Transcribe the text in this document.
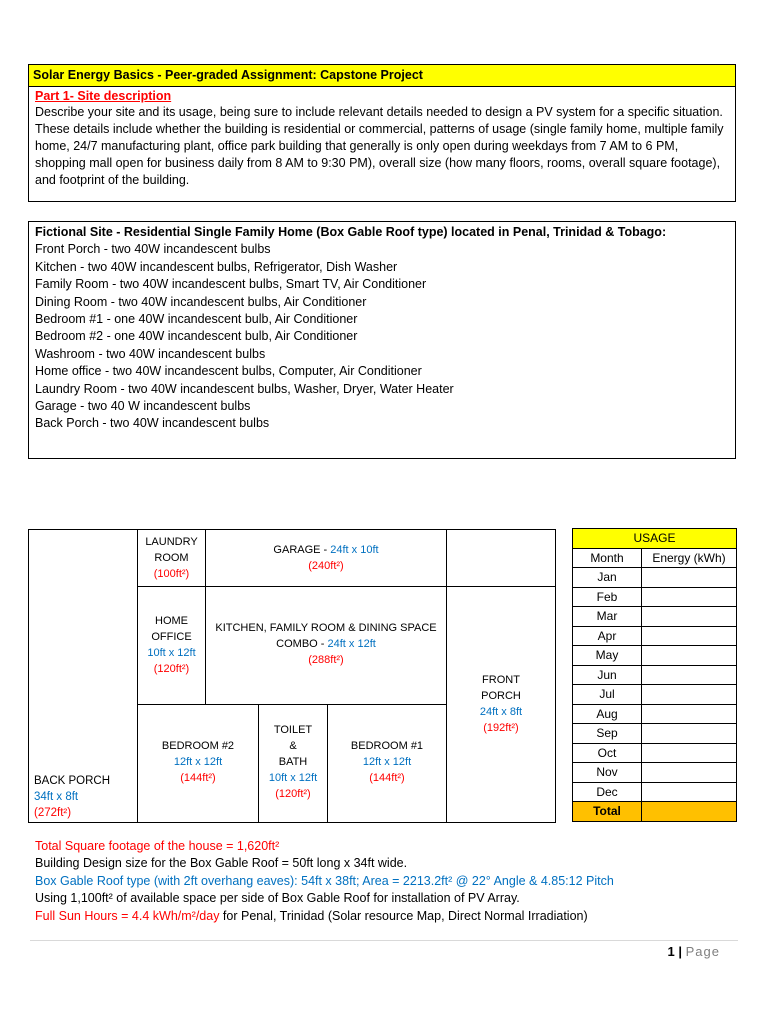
Solar Energy Basics - Peer-graded Assignment: Capstone Project
Part 1- Site description
Describe your site and its usage, being sure to include relevant details needed to design a PV system for a specific situation. These details include whether the building is residential or commercial, patterns of usage (single family home, multiple family home, 24/7 manufacturing plant, office park building that generally is only open during weekdays from 7 AM to 6 PM, shopping mall open for business daily from 8 AM to 9:30 PM), overall size (how many floors, rooms, overall square footage), and footprint of the building.
Fictional Site - Residential Single Family Home (Box Gable Roof type) located in Penal, Trinidad & Tobago:
Front Porch - two 40W incandescent bulbs
Kitchen - two 40W incandescent bulbs, Refrigerator, Dish Washer
Family Room - two 40W incandescent bulbs, Smart TV, Air Conditioner
Dining Room - two 40W incandescent bulbs, Air Conditioner
Bedroom #1 - one 40W incandescent bulb, Air Conditioner
Bedroom #2 - one 40W incandescent bulb, Air Conditioner
Washroom - two 40W incandescent bulbs
Home office - two 40W incandescent bulbs, Computer, Air Conditioner
Laundry Room - two 40W incandescent bulbs, Washer, Dryer, Water Heater
Garage - two 40 W incandescent bulbs
Back Porch - two 40W incandescent bulbs
LAUNDRY
ROOM
(100ft²)
GARAGE - 24ft x 10ft
(240ft²)
HOME
OFFICE
10ft x 12ft
(120ft²)
KITCHEN, FAMILY ROOM & DINING SPACE
COMBO - 24ft x 12ft
(288ft²)
FRONT
PORCH
24ft x 8ft
(192ft²)
BEDROOM #2
12ft x 12ft
(144ft²)
TOILET
&
BATH
10ft x 12ft
(120ft²)
BEDROOM #1
12ft x 12ft
(144ft²)
BACK PORCH
34ft x 8ft
(272ft²)
USAGE	
Month	Energy (kWh)
Jan	
Feb	
Mar	
Apr	
May	
Jun	
Jul	
Aug	
Sep	
Oct	
Nov	
Dec	
Total	
Total Square footage of the house = 1,620ft²
Building Design size for the Box Gable Roof = 50ft long x 34ft wide.
Box Gable Roof type (with 2ft overhang eaves): 54ft x 38ft; Area = 2213.2ft² @ 22° Angle & 4.85:12 Pitch
Using 1,100ft² of available space per side of Box Gable Roof for installation of PV Array.
Full Sun Hours = 4.4 kWh/m²/day for Penal, Trinidad (Solar resource Map, Direct Normal Irradiation)
1 | Page
